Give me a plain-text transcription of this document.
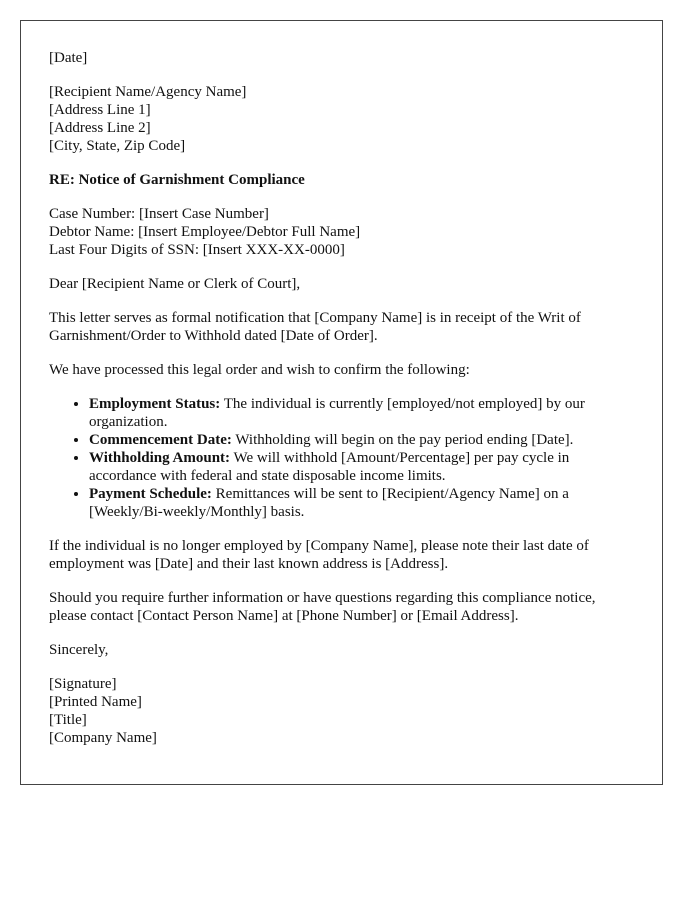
[Date]

[Recipient Name/Agency Name]
[Address Line 1]
[Address Line 2]
[City, State, Zip Code]

RE: Notice of Garnishment Compliance

Case Number: [Insert Case Number]
Debtor Name: [Insert Employee/Debtor Full Name]
Last Four Digits of SSN: [Insert XXX-XX-0000]

Dear [Recipient Name or Clerk of Court],

This letter serves as formal notification that [Company Name] is in receipt of the Writ of Garnishment/Order to Withhold dated [Date of Order].

We have processed this legal order and wish to confirm the following:

• Employment Status: The individual is currently [employed/not employed] by our organization.
• Commencement Date: Withholding will begin on the pay period ending [Date].
• Withholding Amount: We will withhold [Amount/Percentage] per pay cycle in accordance with federal and state disposable income limits.
• Payment Schedule: Remittances will be sent to [Recipient/Agency Name] on a [Weekly/Bi-weekly/Monthly] basis.

If the individual is no longer employed by [Company Name], please note their last date of employment was [Date] and their last known address is [Address].

Should you require further information or have questions regarding this compliance notice, please contact [Contact Person Name] at [Phone Number] or [Email Address].

Sincerely,

[Signature]
[Printed Name]
[Title]
[Company Name]
